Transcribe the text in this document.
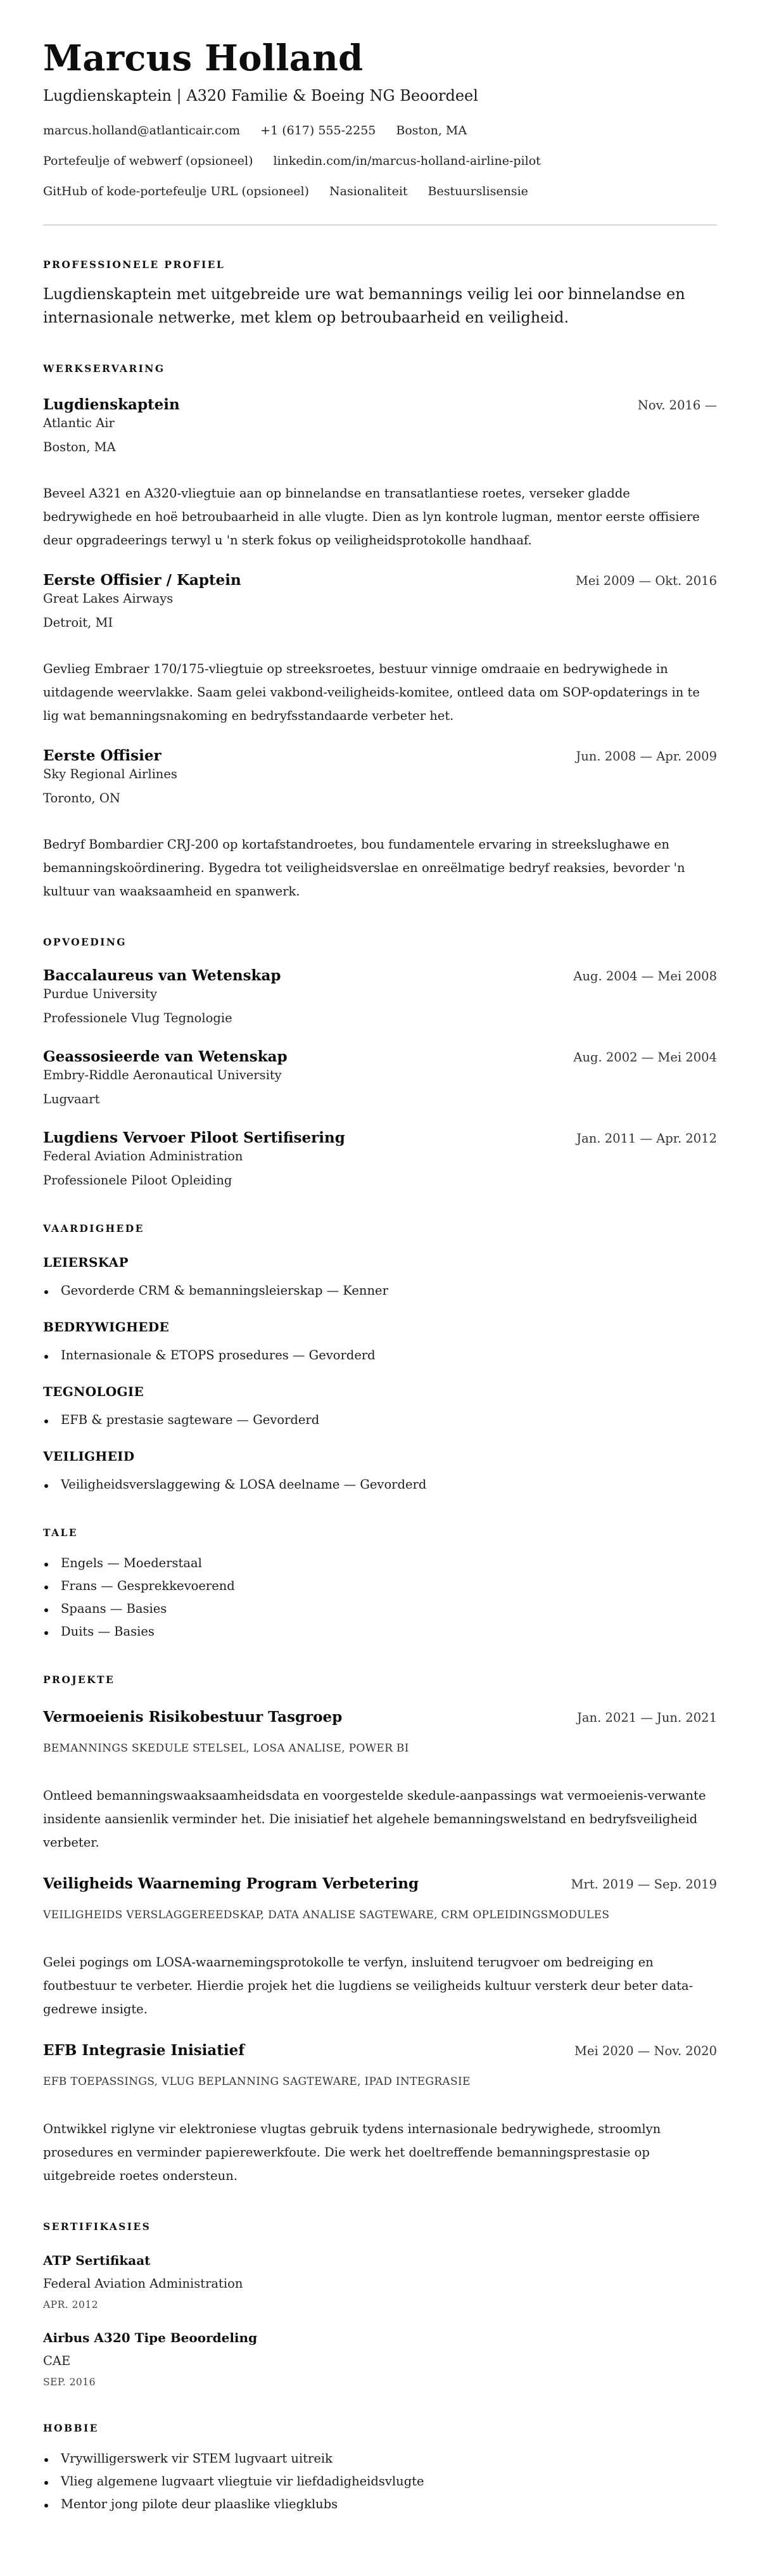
Marcus Holland
Lugdienskaptein | A320 Familie & Boeing NG Beoordeel
marcus.holland@atlanticair.com +1 (617) 555-2255 Boston, MA
Portefeulje of webwerf (opsioneel) linkedin.com/in/marcus-holland-airline-pilot
GitHub of kode-portefeulje URL (opsioneel) Nasionaliteit Bestuurslisensie
PROFESSIONELE PROFIEL

Lugdienskaptein met uitgebreide ure wat bemannings veilig lei oor binnelandse en internasionale netwerke, met klem op betroubaarheid en veiligheid.

WERKSERVARING
Lugdienskaptein	Nov. 2016 —
Atlantic Air
Boston, MA

Beveel A321 en A320-vliegtuie aan op binnelandse en transatlantiese roetes, verseker gladde bedrywighede en hoë betroubaarheid in alle vlugte. Dien as lyn kontrole lugman, mentor eerste offisiere deur opgradeerings terwyl u 'n sterk fokus op veiligheidsprotokolle handhaaf.

Eerste Offisier / Kaptein	Mei 2009 — Okt. 2016
Great Lakes Airways
Detroit, MI

Gevlieg Embraer 170/175-vliegtuie op streeksroetes, bestuur vinnige omdraaie en bedrywighede in uitdagende weervlakke. Saam gelei vakbond-veiligheids-komitee, ontleed data om SOP-opdaterings in te lig wat bemanningsnakoming en bedryfsstandaarde verbeter het.

Eerste Offisier	Jun. 2008 — Apr. 2009
Sky Regional Airlines
Toronto, ON

Bedryf Bombardier CRJ-200 op kortafstandroetes, bou fundamentele ervaring in streekslughawe en bemanningskoördinering. Bygedra tot veiligheidsverslae en onreëlmatige bedryf reaksies, bevorder 'n kultuur van waaksaamheid en spanwerk.

OPVOEDING
Baccalaureus van Wetenskap	Aug. 2004 — Mei 2008
Purdue University
Professionele Vlug Tegnologie
Geassosieerde van Wetenskap	Aug. 2002 — Mei 2004
Embry-Riddle Aeronautical University
Lugvaart
Lugdiens Vervoer Piloot Sertifisering	Jan. 2011 — Apr. 2012
Federal Aviation Administration
Professionele Piloot Opleiding
VAARDIGHEDE
LEIERSKAP
Gevorderde CRM & bemanningsleierskap — Kenner
BEDRYWIGHEDE
Internasionale & ETOPS prosedures — Gevorderd
TEGNOLOGIE
EFB & prestasie sagteware — Gevorderd
VEILIGHEID
Veiligheidsverslaggewing & LOSA deelname — Gevorderd
TALE
Engels — Moederstaal
Frans — Gesprekkevoerend
Spaans — Basies
Duits — Basies
PROJEKTE
Vermoeienis Risikobestuur Tasgroep	Jan. 2021 — Jun. 2021
BEMANNINGS SKEDULE STELSEL, LOSA ANALISE, POWER BI

Ontleed bemanningswaaksaamheidsdata en voorgestelde skedule-aanpassings wat vermoeienis-verwante insidente aansienlik verminder het. Die inisiatief het algehele bemanningswelstand en bedryfsveiligheid verbeter.

Veiligheids Waarneming Program Verbetering	Mrt. 2019 — Sep. 2019
VEILIGHEIDS VERSLAGGEREEDSKAP, DATA ANALISE SAGTEWARE, CRM OPLEIDINGSMODULES

Gelei pogings om LOSA-waarnemingsprotokolle te verfyn, insluitend terugvoer om bedreiging en foutbestuur te verbeter. Hierdie projek het die lugdiens se veiligheids kultuur versterk deur beter data-gedrewe insigte.

EFB Integrasie Inisiatief	Mei 2020 — Nov. 2020
EFB TOEPASSINGS, VLUG BEPLANNING SAGTEWARE, IPAD INTEGRASIE

Ontwikkel riglyne vir elektroniese vlugtas gebruik tydens internasionale bedrywighede, stroomlyn prosedures en verminder papierewerkfoute. Die werk het doeltreffende bemanningsprestasie op uitgebreide roetes ondersteun.

SERTIFIKASIES
ATP Sertifikaat
Federal Aviation Administration
APR. 2012
Airbus A320 Tipe Beoordeling
CAE
SEP. 2016
HOBBIE
Vrywilligerswerk vir STEM lugvaart uitreik
Vlieg algemene lugvaart vliegtuie vir liefdadigheidsvlugte
Mentor jong pilote deur plaaslike vliegklubs
